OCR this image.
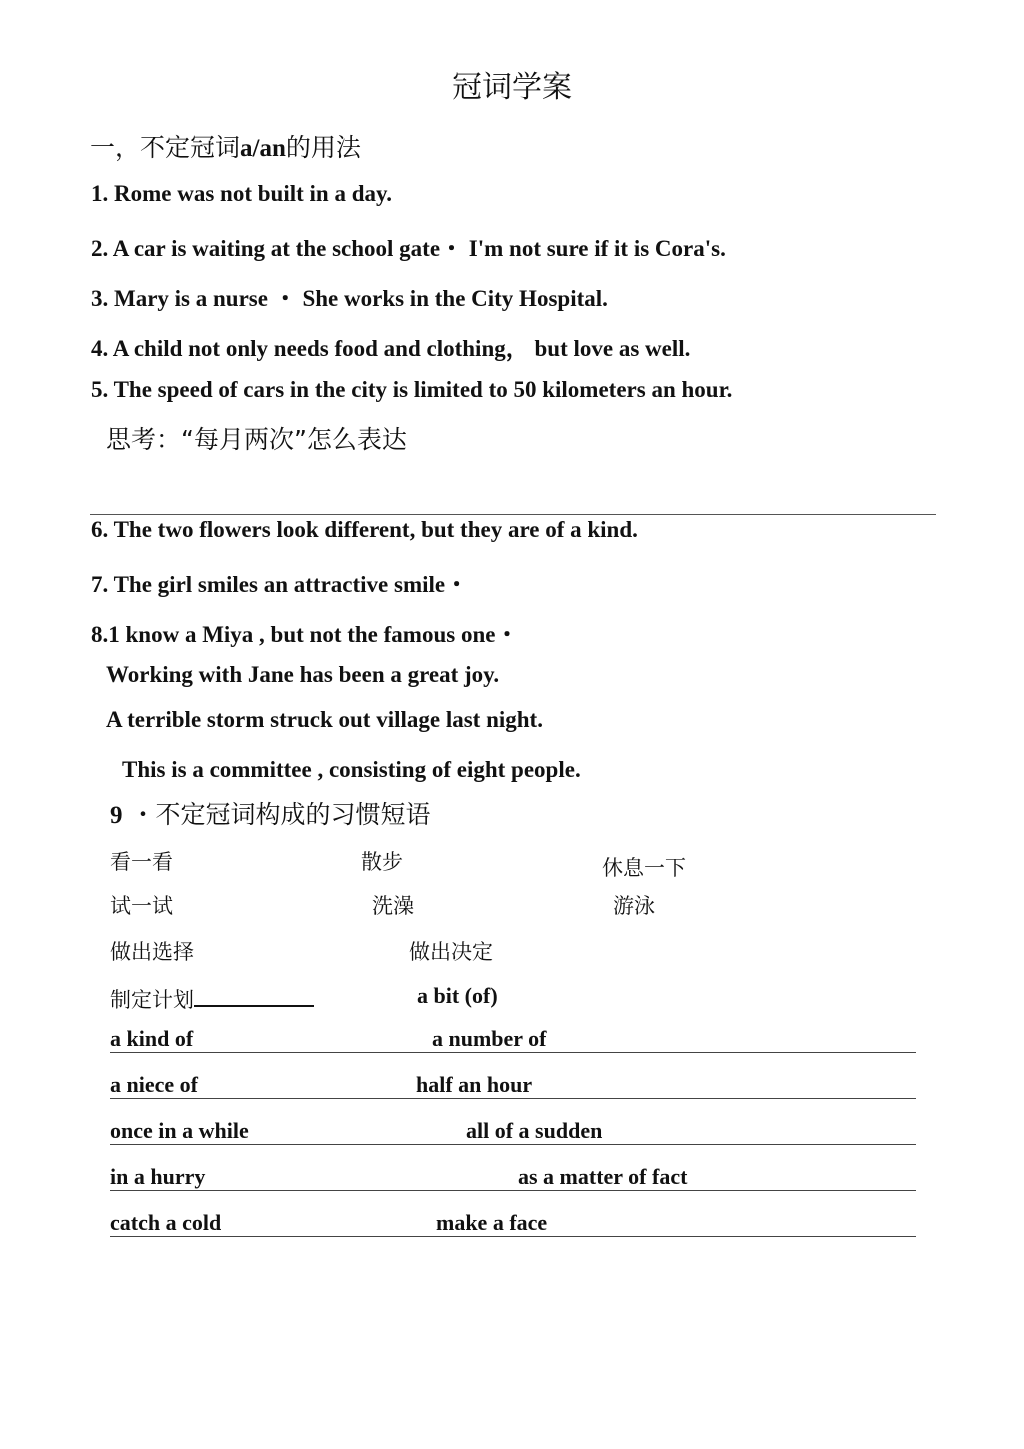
冠词学案
一，不定冠词a/an的用法
1. Rome was not built in a day.
2. A car is waiting at the school gate・ I'm not sure if it is Cora's.
3. Mary is a nurse ・ She works in the City Hospital.
4. A child not only needs food and clothing， but love as well.
5. The speed of cars in the city is limited to 50 kilometers an hour.
思考：“每月两次”怎么表达
6. The two flowers look different, but they are of a kind.
7. The girl smiles an attractive smile・
8.1 know a Miya , but not the famous one・
Working with Jane has been a great joy.
A terrible storm struck out village last night.
This is a committee , consisting of eight people.
9 ・不定冠词构成的习惯短语
看一看	散步	休息一下
试一试	洗澡	游泳
做出选择	做出决定
制定计划	a bit (of)
a kind of	a number of
a niece of	half an hour
once in a while	all of a sudden
in a hurry	as a matter of fact
catch a cold	make a face
